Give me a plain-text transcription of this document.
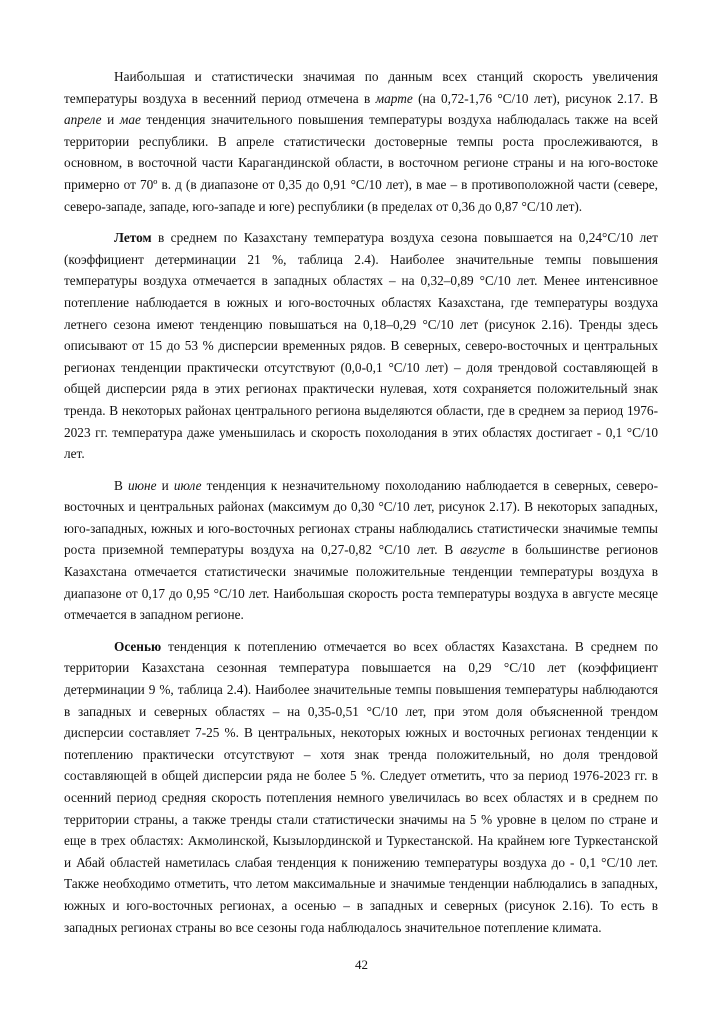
Наибольшая и статистически значимая по данным всех станций скорость увеличения температуры воздуха в весенний период отмечена в марте (на 0,72-1,76 °С/10 лет), рисунок 2.17. В апреле и мае тенденция значительного повышения температуры воздуха наблюдалась также на всей территории республики. В апреле статистически достоверные темпы роста прослеживаются, в основном, в восточной части Карагандинской области, в восточном регионе страны и на юго-востоке примерно от 70º в. д (в диапазоне от 0,35 до 0,91 °С/10 лет), в мае – в противоположной части (севере, северо-западе, западе, юго-западе и юге) республики (в пределах от 0,36 до 0,87 °С/10 лет).

Летом в среднем по Казахстану температура воздуха сезона повышается на 0,24°С/10 лет (коэффициент детерминации 21 %, таблица 2.4). Наиболее значительные темпы повышения температуры воздуха отмечается в западных областях – на 0,32–0,89 °С/10 лет. Менее интенсивное потепление наблюдается в южных и юго-восточных областях Казахстана, где температуры воздуха летнего сезона имеют тенденцию повышаться на 0,18–0,29 °С/10 лет (рисунок 2.16). Тренды здесь описывают от 15 до 53 % дисперсии временных рядов. В северных, северо-восточных и центральных регионах тенденции практически отсутствуют (0,0-0,1 °С/10 лет) – доля трендовой составляющей в общей дисперсии ряда в этих регионах практически нулевая, хотя сохраняется положительный знак тренда. В некоторых районах центрального региона выделяются области, где в среднем за период 1976-2023 гг. температура даже уменьшилась и скорость похолодания в этих областях достигает - 0,1 °С/10 лет.

В июне и июле тенденция к незначительному похолоданию наблюдается в северных, северо-восточных и центральных районах (максимум до 0,30 °С/10 лет, рисунок 2.17). В некоторых западных, юго-западных, южных и юго-восточных регионах страны наблюдались статистически значимые темпы роста приземной температуры воздуха на 0,27-0,82 °С/10 лет. В августе в большинстве регионов Казахстана отмечается статистически значимые положительные тенденции температуры воздуха в диапазоне от 0,17 до 0,95 °С/10 лет. Наибольшая скорость роста температуры воздуха в августе месяце отмечается в западном регионе.

Осенью тенденция к потеплению отмечается во всех областях Казахстана. В среднем по территории Казахстана сезонная температура повышается на 0,29 °С/10 лет (коэффициент детерминации 9 %, таблица 2.4). Наиболее значительные темпы повышения температуры наблюдаются в западных и северных областях – на 0,35-0,51 °С/10 лет, при этом доля объясненной трендом дисперсии составляет 7-25 %. В центральных, некоторых южных и восточных регионах тенденции к потеплению практически отсутствуют – хотя знак тренда положительный, но доля трендовой составляющей в общей дисперсии ряда не более 5 %. Следует отметить, что за период 1976-2023 гг. в осенний период средняя скорость потепления немного увеличилась во всех областях и в среднем по территории страны, а также тренды стали статистически значимы на 5 % уровне в целом по стране и еще в трех областях: Акмолинской, Кызылординской и Туркестанской. На крайнем юге Туркестанской и Абай областей наметилась слабая тенденция к понижению температуры воздуха до - 0,1 °С/10 лет. Также необходимо отметить, что летом максимальные и значимые тенденции наблюдались в западных, южных и юго-восточных регионах, а осенью – в западных и северных (рисунок 2.16). То есть в западных регионах страны во все сезоны года наблюдалось значительное потепление климата.

42
